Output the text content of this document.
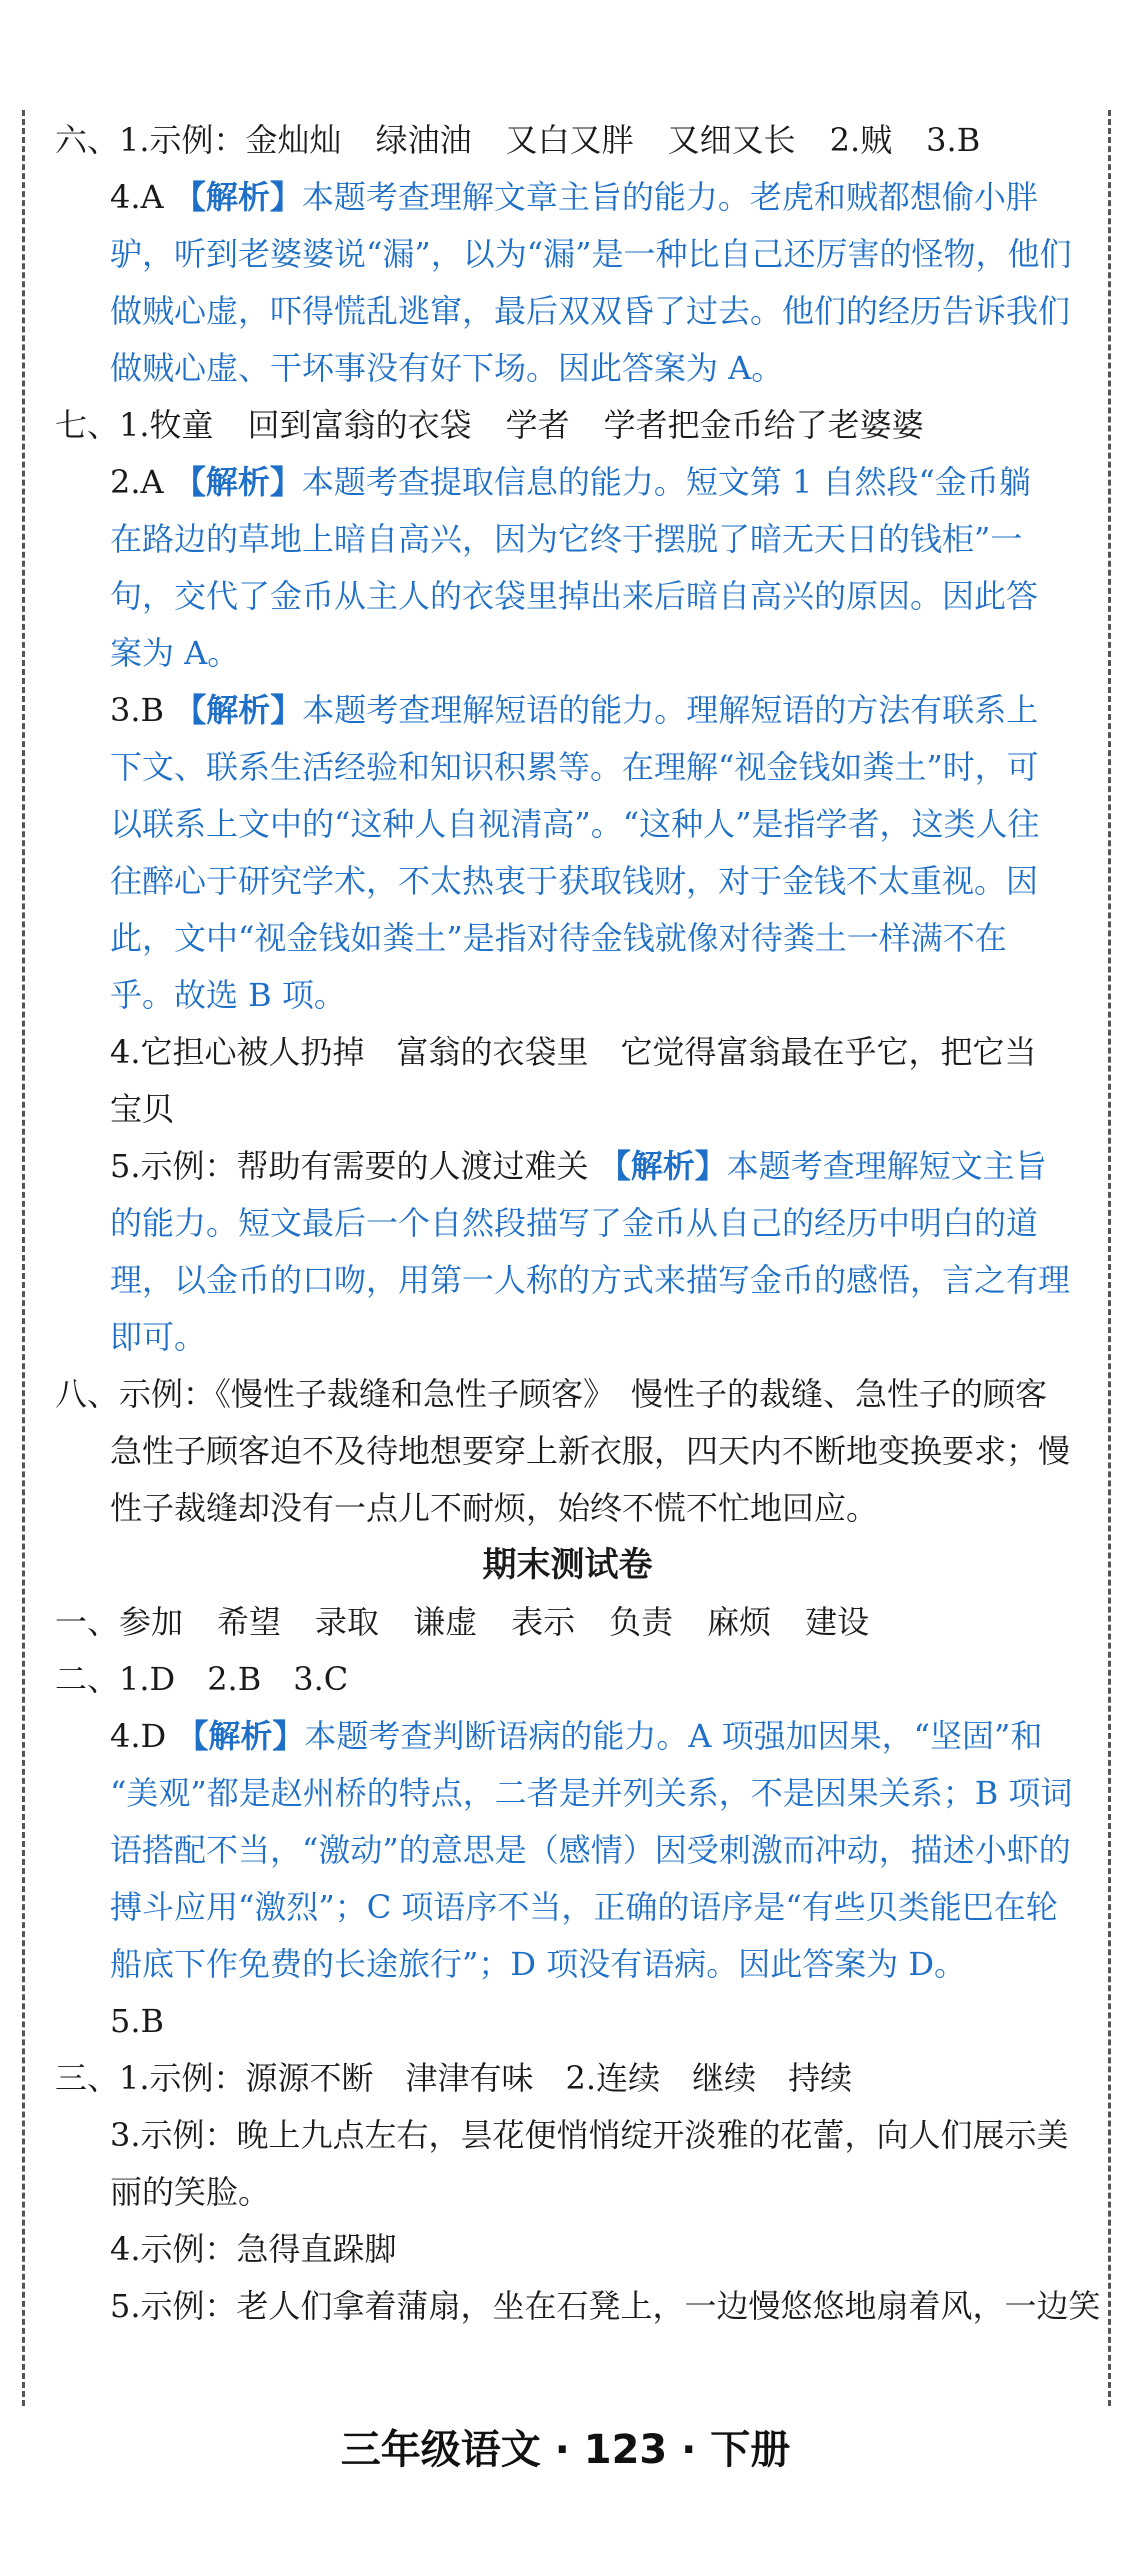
六、1.示例：金灿灿 绿油油 又白又胖 又细又长 2.贼 3.B
4.A 【解析】本题考查理解文章主旨的能力。老虎和贼都想偷小胖
驴，听到老婆婆说“漏”，以为“漏”是一种比自己还厉害的怪物，他们
做贼心虚，吓得慌乱逃窜，最后双双昏了过去。他们的经历告诉我们
做贼心虚、干坏事没有好下场。因此答案为 A。
七、1.牧童 回到富翁的衣袋 学者 学者把金币给了老婆婆
2.A 【解析】本题考查提取信息的能力。短文第 1 自然段“金币躺
在路边的草地上暗自高兴，因为它终于摆脱了暗无天日的钱柜”一
句，交代了金币从主人的衣袋里掉出来后暗自高兴的原因。因此答
案为 A。
3.B 【解析】本题考查理解短语的能力。理解短语的方法有联系上
下文、联系生活经验和知识积累等。在理解“视金钱如粪土”时，可
以联系上文中的“这种人自视清高”。“这种人”是指学者，这类人往
往醉心于研究学术，不太热衷于获取钱财，对于金钱不太重视。因
此，文中“视金钱如粪土”是指对待金钱就像对待粪土一样满不在
乎。故选 B 项。
4.它担心被人扔掉　富翁的衣袋里　它觉得富翁最在乎它，把它当
宝贝
5.示例：帮助有需要的人渡过难关 【解析】本题考查理解短文主旨
的能力。短文最后一个自然段描写了金币从自己的经历中明白的道
理，以金币的口吻，用第一人称的方式来描写金币的感悟，言之有理
即可。
八、示例：《慢性子裁缝和急性子顾客》　慢性子的裁缝、急性子的顾客
急性子顾客迫不及待地想要穿上新衣服，四天内不断地变换要求；慢
性子裁缝却没有一点儿不耐烦，始终不慌不忙地回应。
期末测试卷
一、参加 希望 录取 谦虚 表示 负责 麻烦 建设
二、1.D　2.B　3.C
4.D 【解析】本题考查判断语病的能力。A 项强加因果，“坚固”和
“美观”都是赵州桥的特点，二者是并列关系，不是因果关系；B 项词
语搭配不当，“激动”的意思是（感情）因受刺激而冲动，描述小虾的
搏斗应用“激烈”；C 项语序不当，正确的语序是“有些贝类能巴在轮
船底下作免费的长途旅行”；D 项没有语病。因此答案为 D。
5.B
三、1.示例：源源不断　津津有味　2.连续　继续　持续
3.示例：晚上九点左右，昙花便悄悄绽开淡雅的花蕾，向人们展示美
丽的笑脸。
4.示例：急得直跺脚
5.示例：老人们拿着蒲扇，坐在石凳上，一边慢悠悠地扇着风，一边笑
三年级语文 · 123 · 下册
